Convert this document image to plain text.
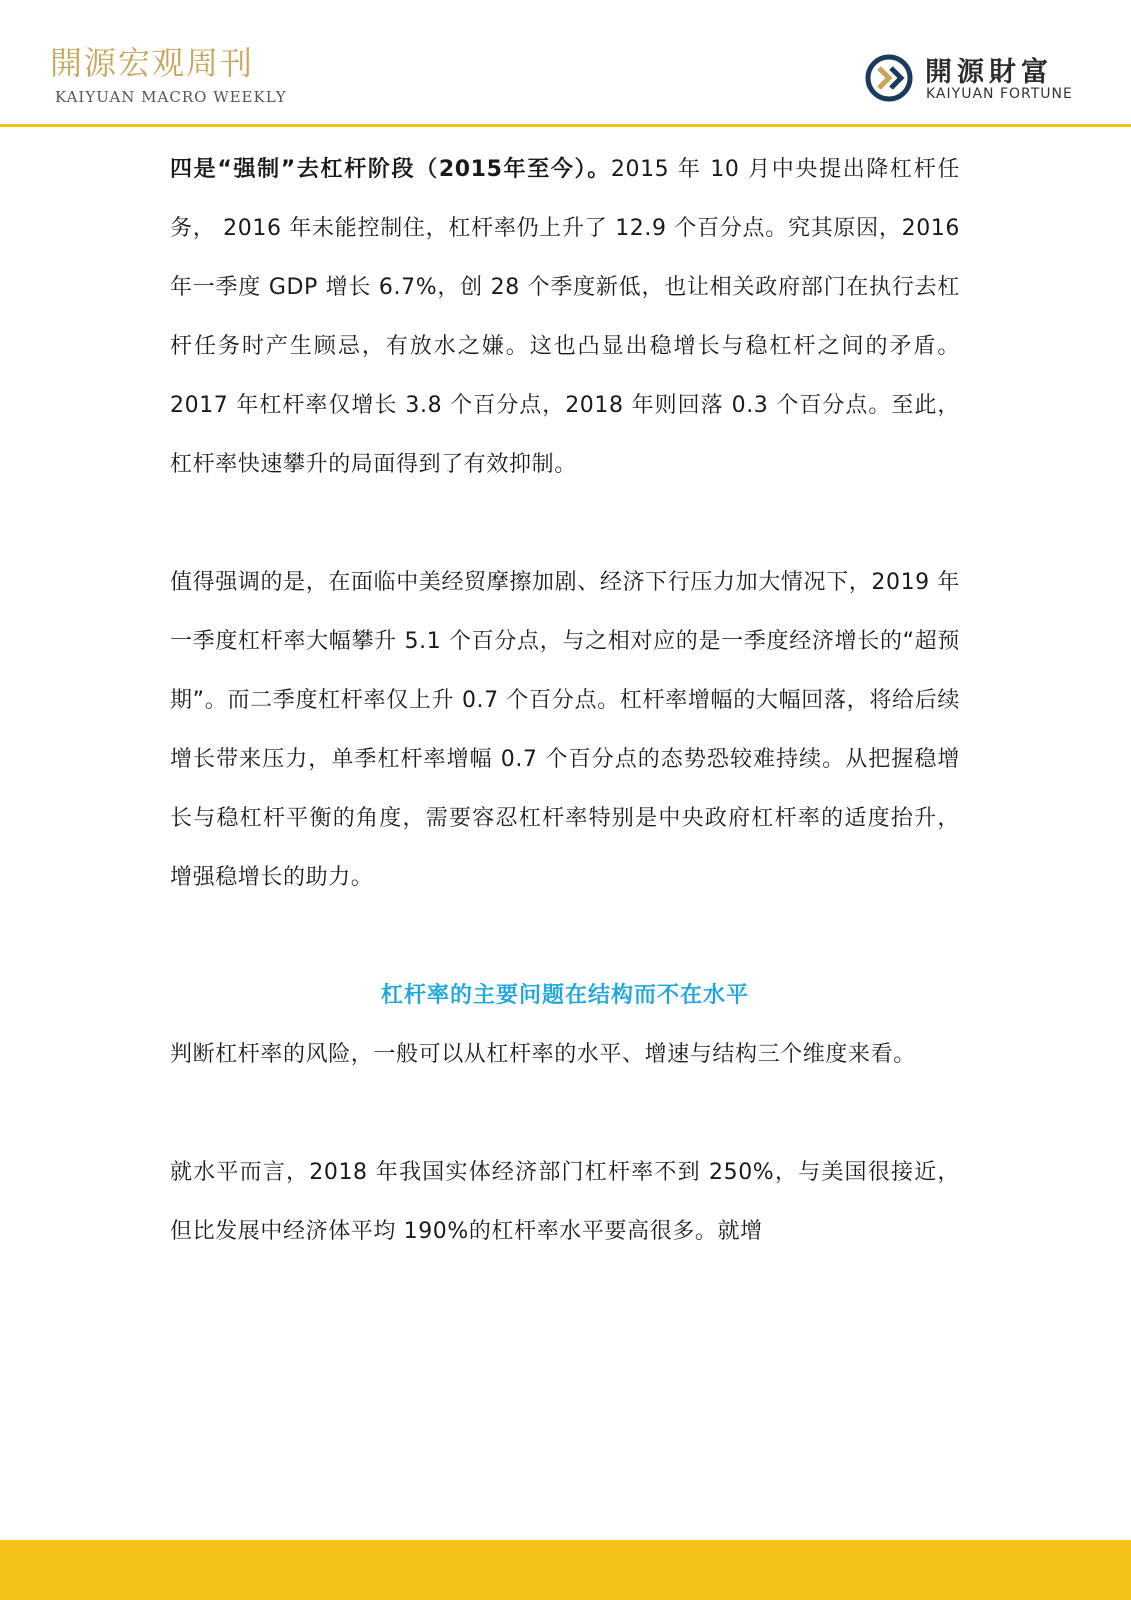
開源宏观周刊
KAIYUAN MACRO WEEKLY
開源財富
KAIYUAN FORTUNE

四是“强制”去杠杆阶段（2015年至今）。2015 年 10 月中央提出降杠杆任务， 2016 年未能控制住，杠杆率仍上升了 12.9 个百分点。究其原因，2016 年一季度 GDP 增长 6.7%，创 28 个季度新低，也让相关政府部门在执行去杠杆任务时产生顾忌，有放水之嫌。这也凸显出稳增长与稳杠杆之间的矛盾。2017 年杠杆率仅增长 3.8 个百分点，2018 年则回落 0.3 个百分点。至此，杠杆率快速攀升的局面得到了有效抑制。

值得强调的是，在面临中美经贸摩擦加剧、经济下行压力加大情况下，2019 年一季度杠杆率大幅攀升 5.1 个百分点，与之相对应的是一季度经济增长的“超预期”。而二季度杠杆率仅上升 0.7 个百分点。杠杆率增幅的大幅回落，将给后续增长带来压力，单季杠杆率增幅 0.7 个百分点的态势恐较难持续。从把握稳增长与稳杠杆平衡的角度，需要容忍杠杆率特别是中央政府杠杆率的适度抬升，增强稳增长的助力。

杠杆率的主要问题在结构而不在水平

判断杠杆率的风险，一般可以从杠杆率的水平、增速与结构三个维度来看。

就水平而言，2018 年我国实体经济部门杠杆率不到 250%，与美国很接近，但比发展中经济体平均 190%的杠杆率水平要高很多。就增
